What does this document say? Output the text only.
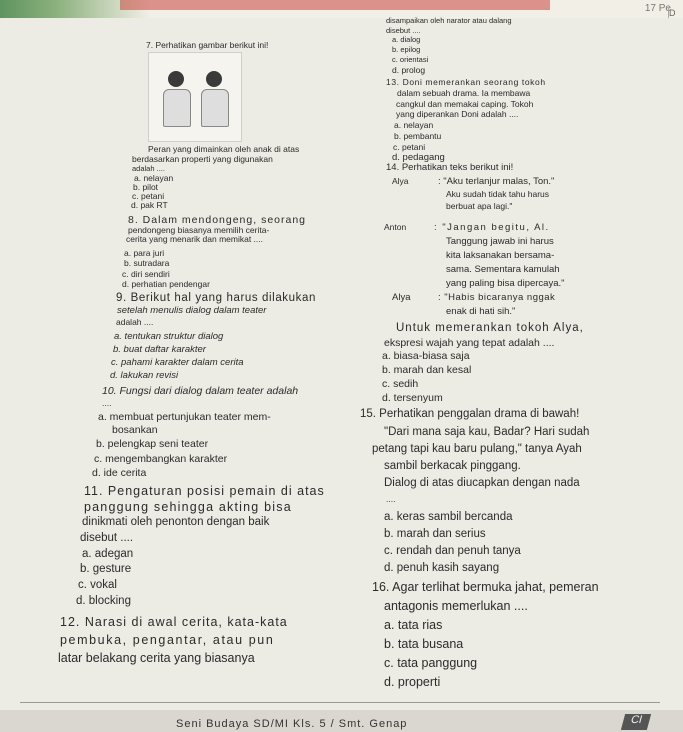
17 Pe
D
7. Perhatikan gambar berikut ini!
Peran yang dimainkan oleh anak di atas
berdasarkan properti yang digunakan
adalah ....
a. nelayan
b. pilot
c. petani
d. pak RT
8. Dalam mendongeng, seorang
pendongeng biasanya memilih cerita-
cerita yang menarik dan memikat ....
a. para juri
b. sutradara
c. diri sendiri
d. perhatian pendengar
9. Berikut hal yang harus dilakukan
setelah menulis dialog dalam teater
adalah ....
a. tentukan struktur dialog
b. buat daftar karakter
c. pahami karakter dalam cerita
d. lakukan revisi
10. Fungsi dari dialog dalam teater adalah
....
a. membuat pertunjukan teater mem-
bosankan
b. pelengkap seni teater
c. mengembangkan karakter
d. ide cerita
11. Pengaturan posisi pemain di atas
panggung sehingga akting bisa
dinikmati oleh penonton dengan baik
disebut ....
a. adegan
b. gesture
c. vokal
d. blocking
12. Narasi di awal cerita, kata-kata
pembuka, pengantar, atau pun
latar belakang cerita yang biasanya
disampaikan oleh narator atau dalang
disebut ....
a. dialog
b. epilog
c. orientasi
d. prolog
13. Doni memerankan seorang tokoh
dalam sebuah drama. Ia membawa
cangkul dan memakai caping. Tokoh
yang diperankan Doni adalah ....
a. nelayan
b. pembantu
c. petani
d. pedagang
14. Perhatikan teks berikut ini!
Alya	: "Aku terlanjur malas, Ton."
Aku sudah tidak tahu harus
berbuat apa lagi."
Anton	: "Jangan begitu, Al.
Tanggung jawab ini harus
kita laksanakan bersama-
sama. Sementara kamulah
yang paling bisa dipercaya."
Alya	: "Habis bicaranya nggak
enak di hati sih."
Untuk memerankan tokoh Alya,
ekspresi wajah yang tepat adalah ....
a. biasa-biasa saja
b. marah dan kesal
c. sedih
d. tersenyum
15. Perhatikan penggalan drama di bawah!
"Dari mana saja kau, Badar? Hari sudah
petang tapi kau baru pulang," tanya Ayah
sambil berkacak pinggang.
Dialog di atas diucapkan dengan nada
....
a. keras sambil bercanda
b. marah dan serius
c. rendah dan penuh tanya
d. penuh kasih sayang
16. Agar terlihat bermuka jahat, pemeran
antagonis memerlukan ....
a. tata rias
b. tata busana
c. tata panggung
d. properti
Seni Budaya SD/MI Kls. 5 / Smt. Genap	CI
